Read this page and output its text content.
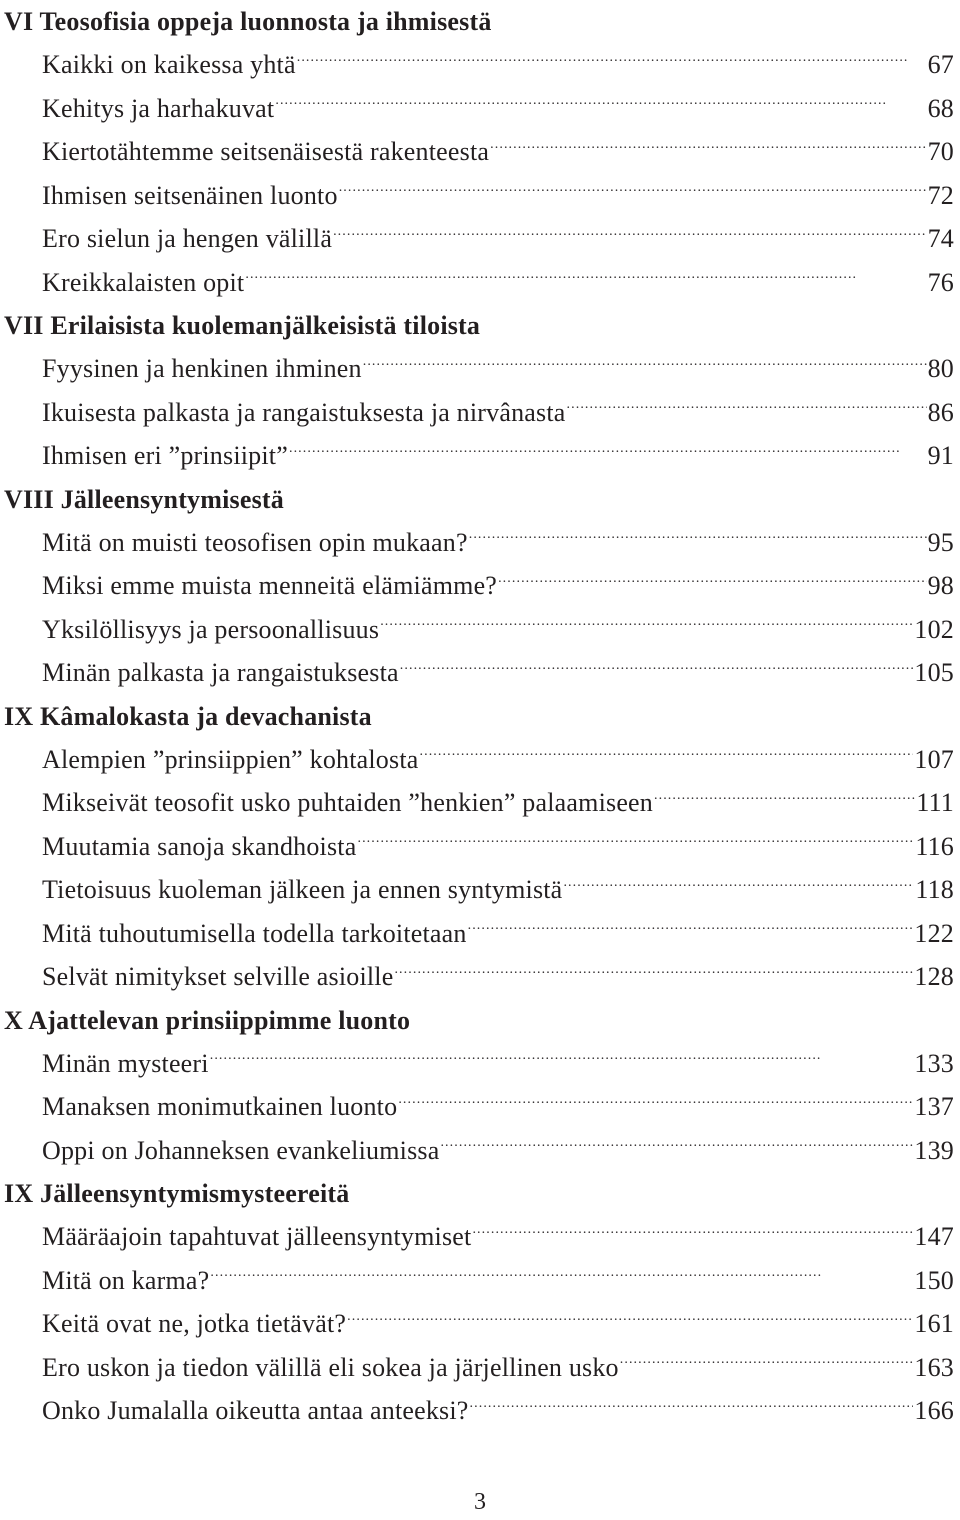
VI Teosofisia oppeja luonnosta ja ihmisestä
Kaikki on kaikessa yhtä . . .	67
Kehitys ja harhakuvat . . .	68
Kiertotähtemme seitsenäisestä rakenteesta . . .	70
Ihmisen seitsenäinen luonto . . .	72
Ero sielun ja hengen välillä . . .	74
Kreikkalaisten opit . . .	76
VII Erilaisista kuolemanjälkeisistä tiloista
Fyysinen ja henkinen ihminen . . .	80
Ikuisesta palkasta ja rangaistuksesta ja nirvânasta . . .	86
Ihmisen eri ”prinsiipit” . . .	91
VIII Jälleensyntymisestä
Mitä on muisti teosofisen opin mukaan? . . .	95
Miksi emme muista menneitä elämiämme? . . .	98
Yksilöllisyys ja persoonallisuus . . .	102
Minän palkasta ja rangaistuksesta . . .	105
IX Kâmalokasta ja devachanista
Alempien ”prinsiippien” kohtalosta . . .	107
Mikseivät teosofit usko puhtaiden ”henkien” palaamiseen . . .	111
Muutamia sanoja skandhoista . . .	116
Tietoisuus kuoleman jälkeen ja ennen syntymistä . . .	118
Mitä tuhoutumisella todella tarkoitetaan . . .	122
Selvät nimitykset selville asioille . . .	128
X Ajattelevan prinsiippimme luonto
Minän mysteeri . . .	133
Manaksen monimutkainen luonto . . .	137
Oppi on Johanneksen evankeliumissa . . .	139
IX Jälleensyntymismysteereitä
Määräajoin tapahtuvat jälleensyntymiset . . .	147
Mitä on karma? . . .	150
Keitä ovat ne, jotka tietävät? . . .	161
Ero uskon ja tiedon välillä eli sokea ja järjellinen usko . . .	163
Onko Jumalalla oikeutta antaa anteeksi? . . .	166
3
